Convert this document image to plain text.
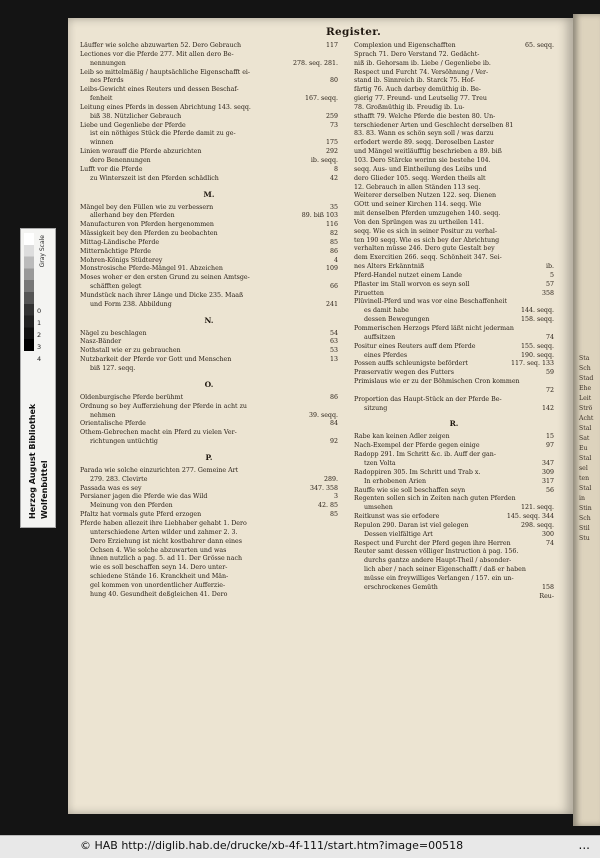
Register.
Läuffer wie solche abzuwarten 52. Dero Gebrauch	117
Lectiones vor die Pferde 277. Mit allen dero Be-
nennungen	278. seq. 281.
Leib so mittelmäßig / hauptsächliche Eigenschafft ei-
nes Pferds	80
Leibs-Gewicht eines Reuters und dessen Beschaf-
fenheit	167. seqq.
Leitung eines Pferds in dessen Abrichtung 143. seqq.
biß 38. Nützlicher Gebrauch	259
Liebe und Gegenliebe der Pferde	73
ist ein nöthiges Stück die Pferde damit zu ge-
winnen	175
Linien worauff die Pferde abzurichten	292
dero Benennungen	ib. seqq.
Lufft vor die Pferde	8
zu Winterszeit ist den Pferden schädlich	42
M.
Mängel bey den Füllen wie zu verbessern	35
allerhand bey den Pferden	89. biß 103
Manufacturen von Pferden hergenommen	116
Mässigkeit bey den Pferden zu beobachten	82
Mittag-Ländische Pferde	85
Mitternächtige Pferde	86
Mohren-Königs Stüdterey	4
Monstrosische Pferde-Mängel 91. Abzeichen	109
Moses woher er den ersten Grund zu seinen Amtsge-
schäfften gelegt	66
Mundstück nach ihrer Länge und Dicke 235. Maaß
und Form 238. Abbildung	241
N.
Nägel zu beschlagen	54
Nasz-Bänder	63
Nothstall wie er zu gebrauchen	53
Nutzbarkeit der Pferde vor Gott und Menschen	13
biß 127. seqq.
O.
Oldenburgische Pferde berühmt	86
Ordnung so bey Aufferziehung der Pferde in acht zu
nehmen	39. seqq.
Orientalische Pferde	84
Othem-Gebrechen macht ein Pferd zu vielen Ver-
richtungen untüchtig	92
P.
Parada wie solche einzurichten 277. Gemeine Art
279. 283. Clevirte	289.
Passada was es sey	347. 358
Persianer jagen die Pferde wie das Wild	3
Meinung von den Pferden	42. 85
Pfaltz hat vormals gute Pferd erzogen	85
Pferde haben allezeit ihre Liebhaber gehabt 1. Dero
unterschiedene Arten wilder und zahmer 2. 3.
Dero Erziehung ist nicht kostbahrer dann eines
Ochsen 4. Wie solche abzuwarten und was
ihnen nutzlich a pag. 5. ad 11. Der Grösse nach
wie es soll beschaffen seyn 14. Dero unter-
schiedene Stände 16. Kranckheit und Män-
gel kommen von unordentlicher Aufferzie-
hung 40. Gesundheit deßgleichen 41. Dero
Complexion und Eigenschafften	65. seqq.
Sprach 71. Dero Verstand 72. Gedächt-
niß ib. Gehorsam ib. Liebe / Gegenliebe ib.
Respect und Furcht 74. Versöhnung / Ver-
stand ib. Sinnreich ib. Starck 75. Hof-
färtig 76. Auch darbey demüthig ib. Be-
gierig 77. Freund- und Leutselig 77. Treu
78. Großmüthig ib. Freudig ib. Lu-
sthafft 79. Welche Pferde die besten 80. Un-
terschiedener Arten und Geschlecht derselben 81
83. 83. Wann es schön seyn soll / was darzu
erfodert werde 89. seqq. Deroselben Laster
und Mängel weitläufftig beschrieben a 89. biß
103. Dero Stärcke worinn sie bestehe 104.
seqq. Aus- und Eintheilung des Leibs und
dero Glieder 105. seqq. Werden theils alt
12. Gebrauch in allen Ständen 113 seq.
Weiterer derselben Nutzen 122. seq. Dienen
GOtt und seiner Kirchen 114. seqq. Wie
mit denselben Pferden umzugehen 140. seqq.
Von den Sprüngen was zu urtheilen 141.
seqq. Wie es sich in seiner Positur zu verhal-
ten 190 seqq. Wie es sich bey der Abrichtung
verhalten müsse 246. Dero gute Gestalt bey
dem Exercitien 266. seqq. Schönheit 347. Sei-
nes Alters Erkänntniß	ib.
Pferd-Handel nutzet einem Lande	5
Pflaster im Stall worvon es seyn soll	57
Piruetten	358
Plüvinell-Pferd und was vor eine Beschaffenheit
es damit habe	144. seqq.
dessen Bewegungen	158. seqq.
Pommerischen Herzogs Pferd läßt nicht jederman
auffsitzen	74
Positur eines Reuters auff dem Pferde	155. seqq.
eines Pferdes	190. seqq.
Possen auffs schleunigste befördert	117. seq. 133
Præservativ wegen des Futters	59
Primislaus wie er zu der Böhmischen Cron kommen
72
Proportion das Haupt-Stück an der Pferde Be-
sitzung	142
R.
Rabe kan keinen Adler zeigen	15
Nach-Exempel der Pferde gegen einige	97
Radopp 291. Im Schritt &c. ib. Auff der gan-
tzen Volta	347
Radoppiren 305. Im Schritt und Trab x.	309
In erhobenen Arien	317
Rauffe wie sie soll beschaffen seyn	56
Regenten sollen sich in Zeiten nach guten Pferden
umsehen	121. seqq.
Reitkunst was sie erfodere	145. seqq. 344
Repulon 290. Daran ist viel gelegen	298. seqq.
Dessen vielfältige Art	300
Respect und Furcht der Pferd gegen ihre Herren	74
Reuter samt dessen völliger Instruction à pag. 156.
durchs gantze andere Haupt-Theil / absonder-
lich aber / nach seiner Eigenschafft / daß er haben
müsse ein freywilliges Verlangen / 157. ein un-
erschrockenes Gemüth	158
Reu-
Sta
Sch
Stad
Ehe
Leit
Strö
Acht
Stal
Sat
Eu
Stal
sel
ten
Stal
in
Stin
Sch
Stil
Stu
Gray Scale
0
1
2
3
4
Herzog August Bibliothek Wolfenbüttel
© HAB http://diglib.hab.de/drucke/xb-4f-111/start.htm?image=00518	...
